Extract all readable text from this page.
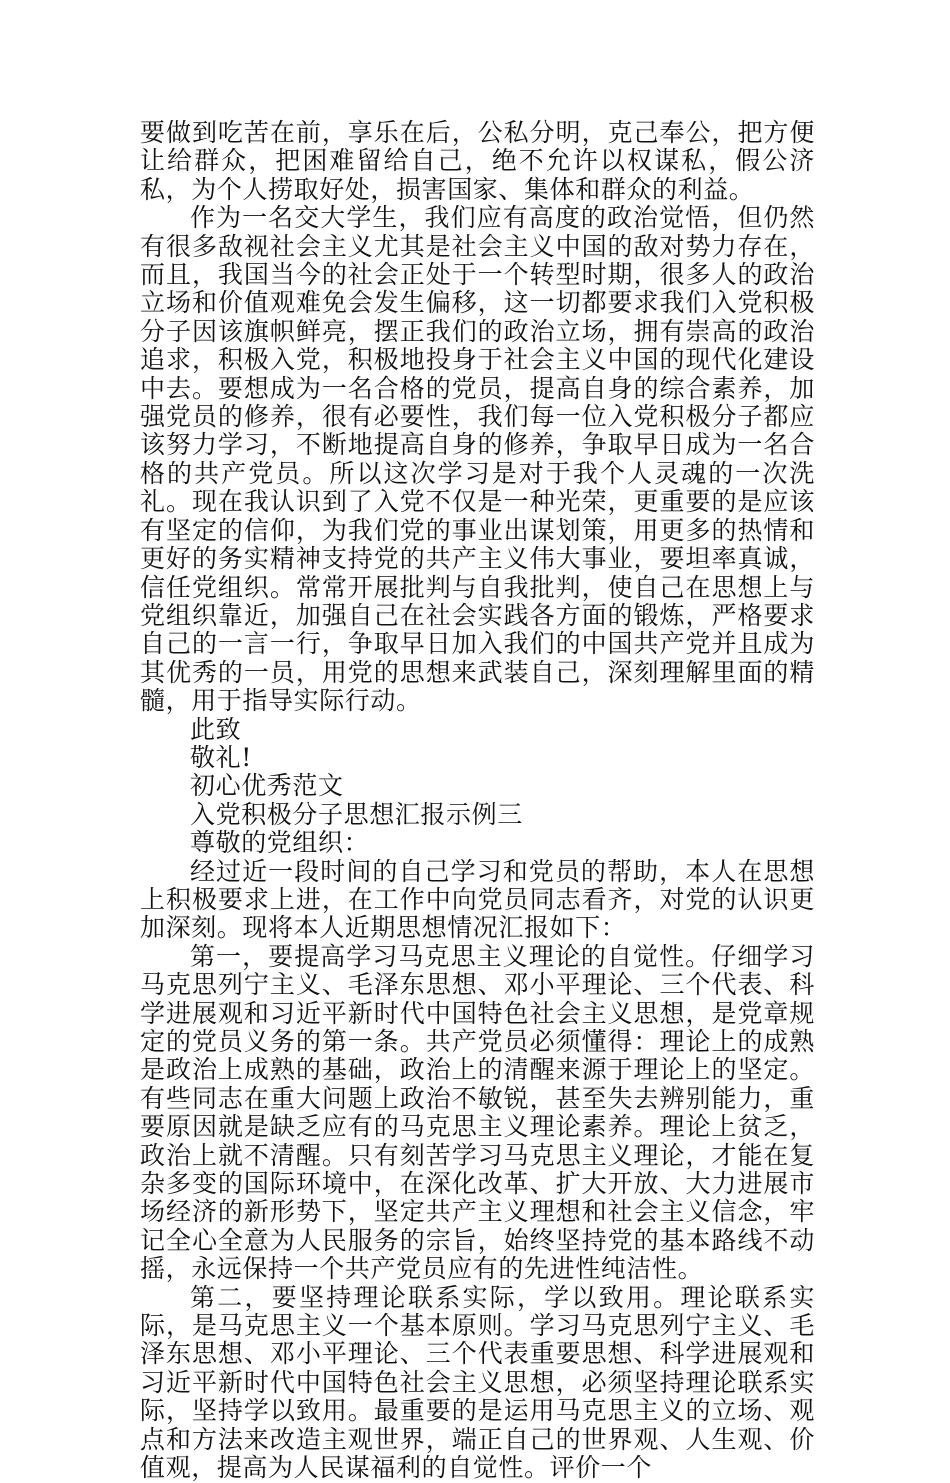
要做到吃苦在前，享乐在后，公私分明，克己奉公，把方便让给群众，把困难留给自己，绝不允许以权谋私，假公济私，为个人捞取好处，损害国家、集体和群众的利益。

作为一名交大学生，我们应有高度的政治觉悟，但仍然有很多敌视社会主义尤其是社会主义中国的敌对势力存在，而且，我国当今的社会正处于一个转型时期，很多人的政治立场和价值观难免会发生偏移，这一切都要求我们入党积极分子因该旗帜鲜亮，摆正我们的政治立场，拥有崇高的政治追求，积极入党，积极地投身于社会主义中国的现代化建设中去。要想成为一名合格的党员，提高自身的综合素养，加强党员的修养，很有必要性，我们每一位入党积极分子都应该努力学习，不断地提高自身的修养，争取早日成为一名合格的共产党员。所以这次学习是对于我个人灵魂的一次洗礼。现在我认识到了入党不仅是一种光荣，更重要的是应该有坚定的信仰，为我们党的事业出谋划策，用更多的热情和更好的务实精神支持党的共产主义伟大事业，要坦率真诚，信任党组织。常常开展批判与自我批判，使自己在思想上与党组织靠近，加强自己在社会实践各方面的锻炼，严格要求自己的一言一行，争取早日加入我们的中国共产党并且成为其优秀的一员，用党的思想来武装自己，深刻理解里面的精髓，用于指导实际行动。

此致

敬礼!

初心优秀范文

入党积极分子思想汇报示例三

尊敬的党组织：

经过近一段时间的自己学习和党员的帮助，本人在思想上积极要求上进，在工作中向党员同志看齐，对党的认识更加深刻。现将本人近期思想情况汇报如下：

第一，要提高学习马克思主义理论的自觉性。仔细学习马克思列宁主义、毛泽东思想、邓小平理论、三个代表、科学进展观和习近平新时代中国特色社会主义思想，是党章规定的党员义务的第一条。共产党员必须懂得：理论上的成熟是政治上成熟的基础，政治上的清醒来源于理论上的坚定。有些同志在重大问题上政治不敏锐，甚至失去辨别能力，重要原因就是缺乏应有的马克思主义理论素养。理论上贫乏，政治上就不清醒。只有刻苦学习马克思主义理论，才能在复杂多变的国际环境中，在深化改革、扩大开放、大力进展市场经济的新形势下，坚定共产主义理想和社会主义信念，牢记全心全意为人民服务的宗旨，始终坚持党的基本路线不动摇，永远保持一个共产党员应有的先进性纯洁性。

第二，要坚持理论联系实际，学以致用。理论联系实际，是马克思主义一个基本原则。学习马克思列宁主义、毛泽东思想、邓小平理论、三个代表重要思想、科学进展观和习近平新时代中国特色社会主义思想，必须坚持理论联系实际，坚持学以致用。最重要的是运用马克思主义的立场、观点和方法来改造主观世界，端正自己的世界观、人生观、价值观，提高为人民谋福利的自觉性。评价一个
